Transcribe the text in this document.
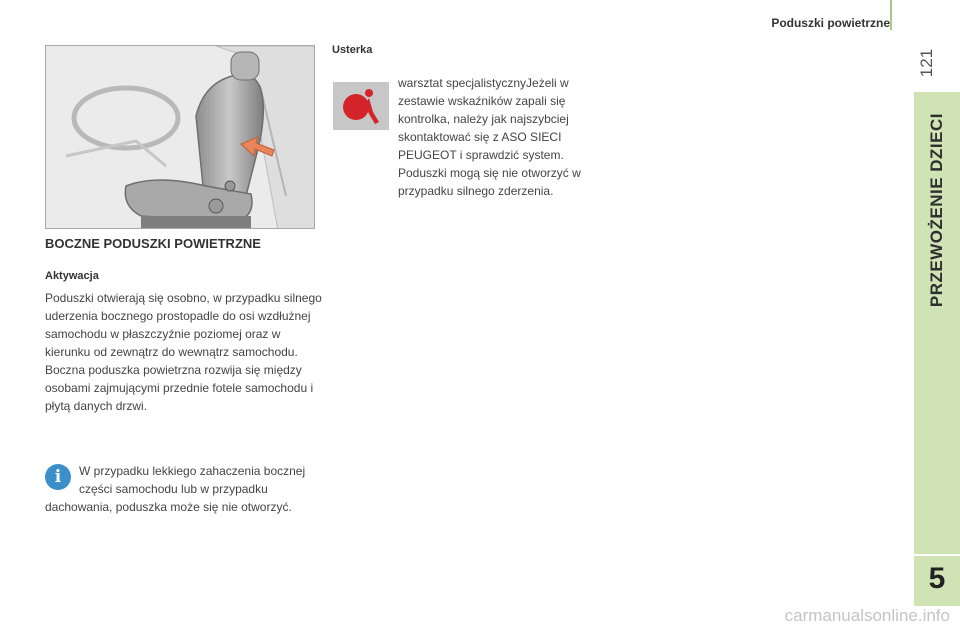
Poduszki powietrzne
121
PRZEWOŻENIE DZIECI
5
BOCZNE PODUSZKI POWIETRZNE
Aktywacja

Poduszki otwierają się osobno, w przypadku silnego uderzenia bocznego prostopadle do osi wzdłużnej samochodu w płaszczyźnie poziomej oraz w kierunku od zewnątrz do wewnątrz samochodu.

Boczna poduszka powietrzna rozwija się między osobami zajmującymi przednie fotele samochodu i płytą danych drzwi.

i	W przypadku lekkiego zahaczenia bocznej części samochodu lub w przypadku dachowania, poduszka może się nie otworzyć.
Usterka
warsztat specjalistycznyJeżeli w zestawie wskaźników zapali się kontrolka, należy jak najszybciej skontaktować się z ASO SIECI PEUGEOT i sprawdzić system. Poduszki mogą się nie otworzyć w przypadku silnego zderzenia.
carmanualsonline.info
